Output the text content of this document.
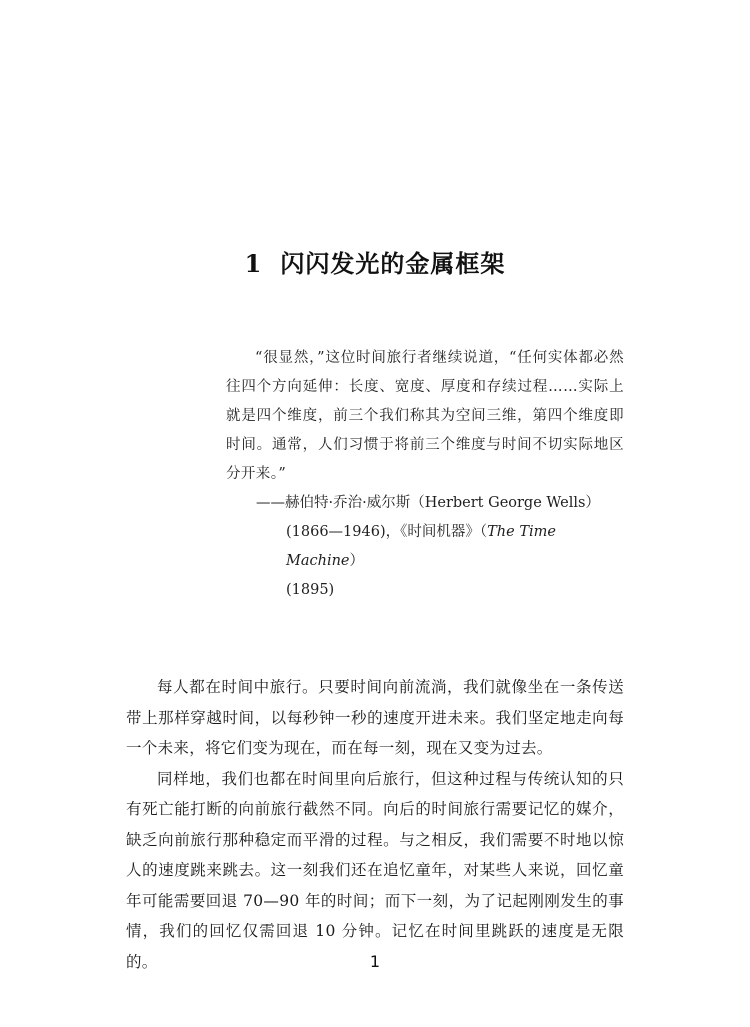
1 闪闪发光的金属框架

“很显然，”这位时间旅行者继续说道，“任何实体都必然往四个方向延伸：长度、宽度、厚度和存续过程……实际上就是四个维度，前三个我们称其为空间三维，第四个维度即时间。通常，人们习惯于将前三个维度与时间不切实际地区分开来。”

——赫伯特·乔治·威尔斯（Herbert George Wells）
(1866—1946)，《时间机器》（The Time Machine）
(1895)

每人都在时间中旅行。只要时间向前流淌，我们就像坐在一条传送带上那样穿越时间，以每秒钟一秒的速度开进未来。我们坚定地走向每一个未来，将它们变为现在，而在每一刻，现在又变为过去。

同样地，我们也都在时间里向后旅行，但这种过程与传统认知的只有死亡能打断的向前旅行截然不同。向后的时间旅行需要记忆的媒介，缺乏向前旅行那种稳定而平滑的过程。与之相反，我们需要不时地以惊人的速度跳来跳去。这一刻我们还在追忆童年，对某些人来说，回忆童年可能需要回退 70—90 年的时间；而下一刻，为了记起刚刚发生的事情，我们的回忆仅需回退 10 分钟。记忆在时间里跳跃的速度是无限的。	1
